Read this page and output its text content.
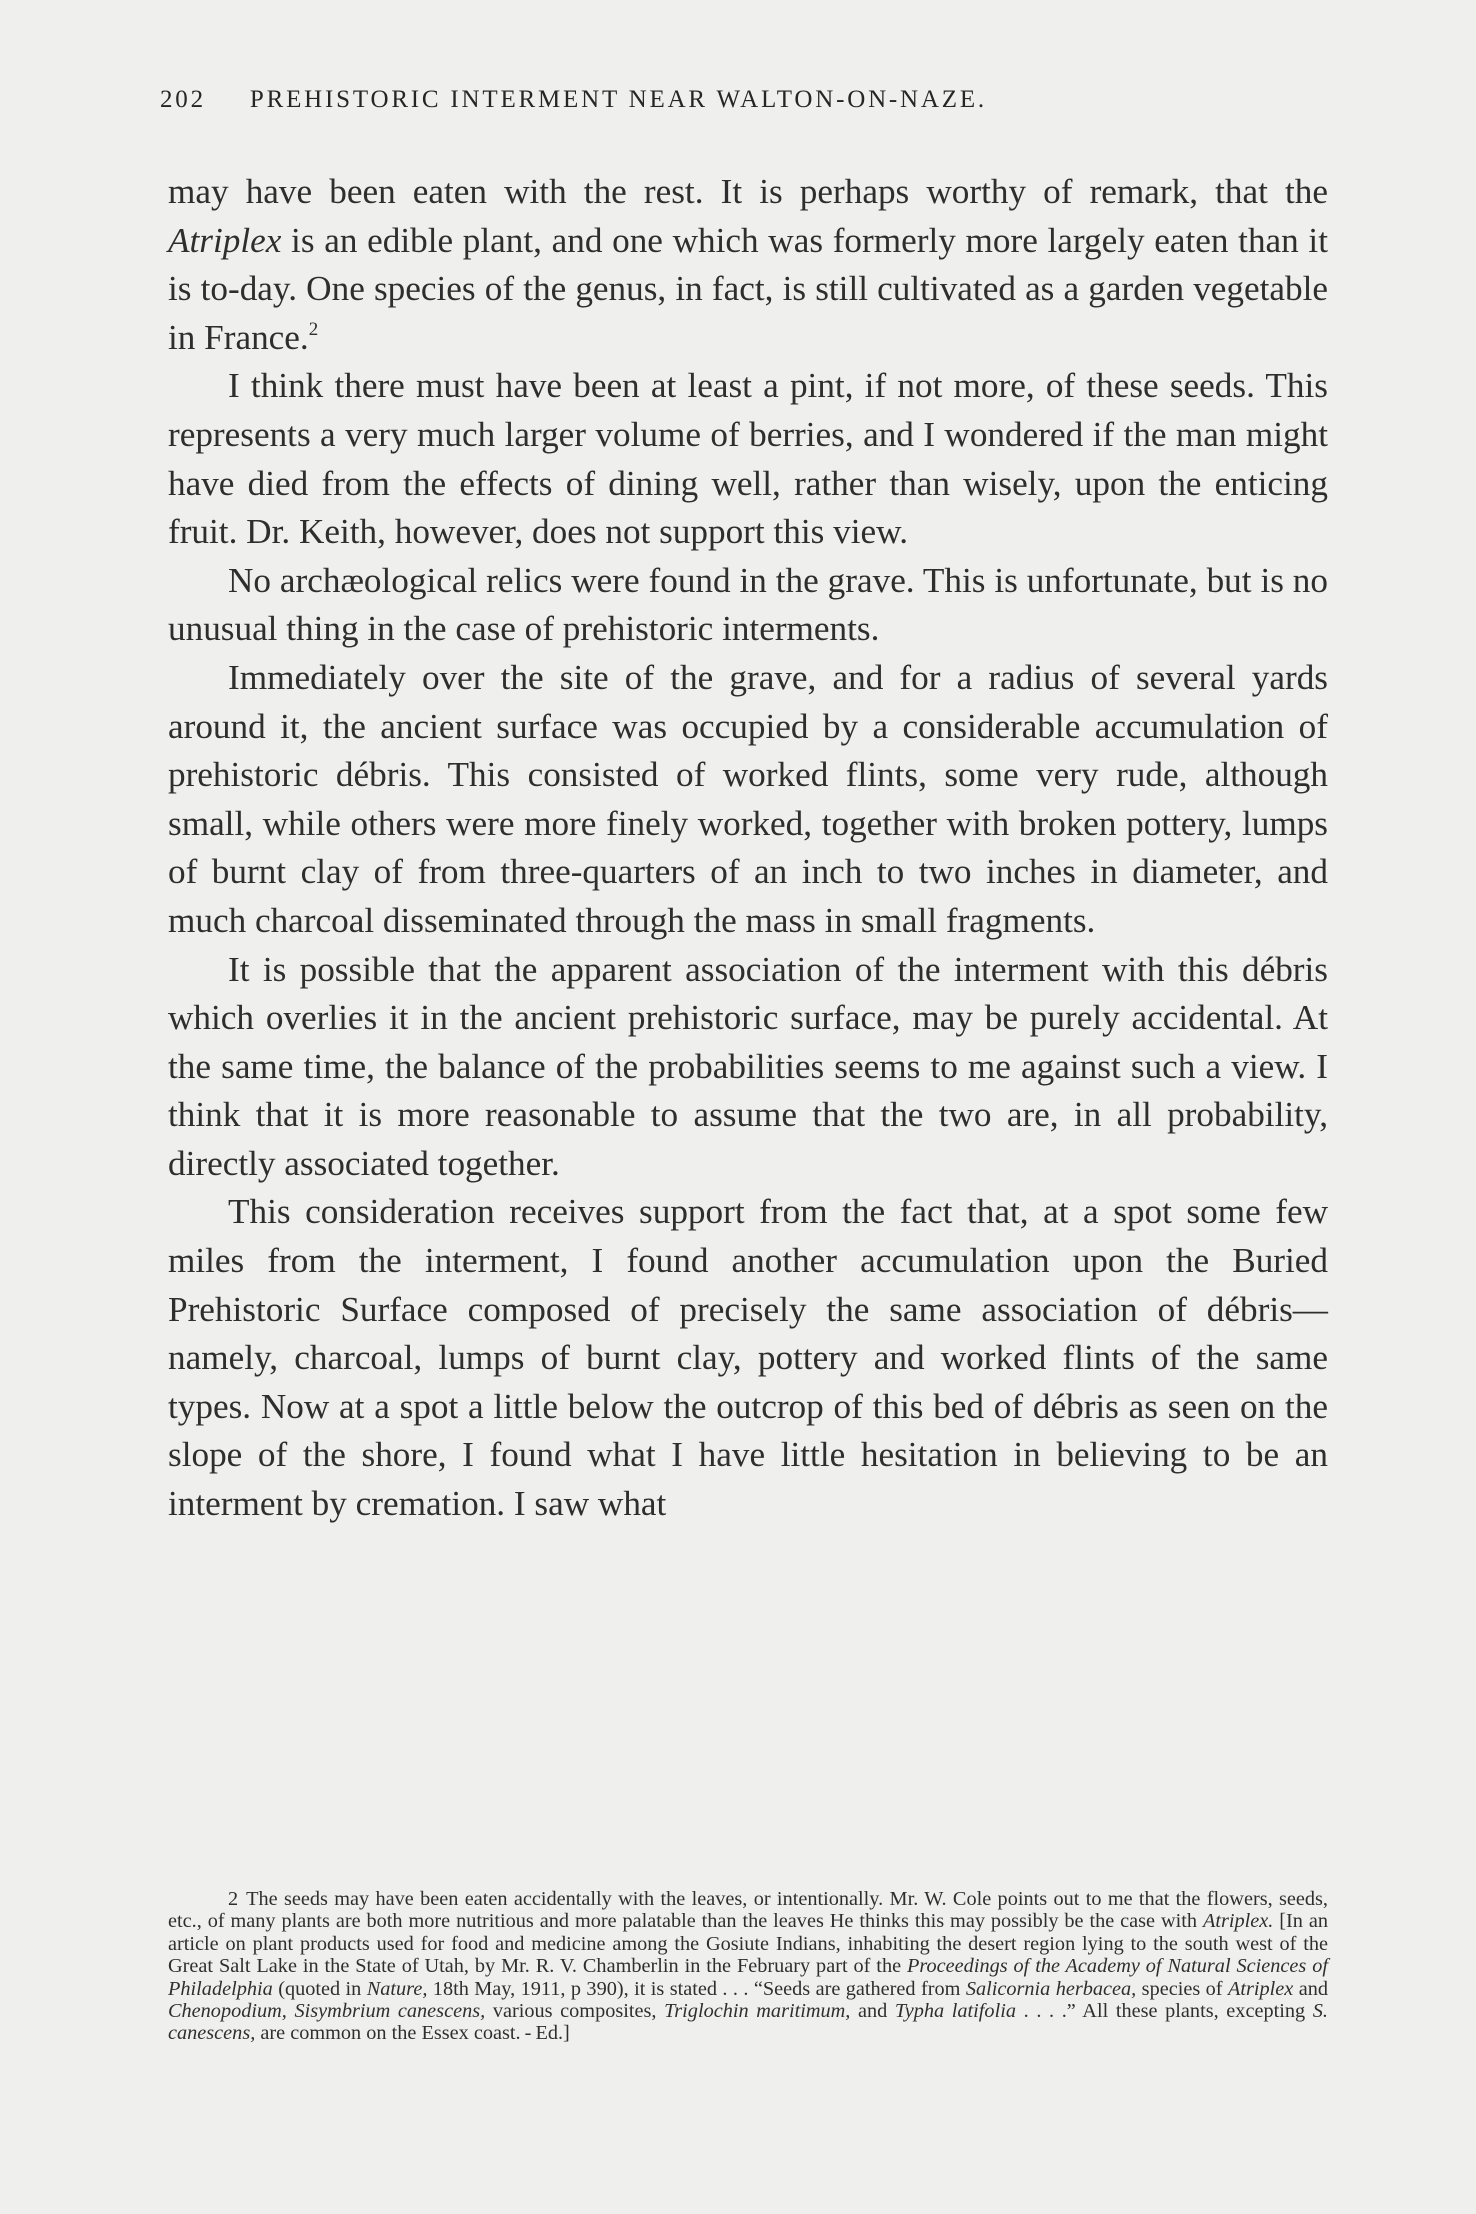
202 PREHISTORIC INTERMENT NEAR WALTON-ON-NAZE.

may have been eaten with the rest. It is perhaps worthy of remark, that the Atriplex is an edible plant, and one which was formerly more largely eaten than it is to-day. One species of the genus, in fact, is still cultivated as a garden vegetable in France.$^2$

I think there must have been at least a pint, if not more, of these seeds. This represents a very much larger volume of berries, and I wondered if the man might have died from the effects of dining well, rather than wisely, upon the enticing fruit. Dr. Keith, however, does not support this view.

No archæological relics were found in the grave. This is unfortunate, but is no unusual thing in the case of prehistoric interments.

Immediately over the site of the grave, and for a radius of several yards around it, the ancient surface was occupied by a considerable accumulation of prehistoric débris. This consisted of worked flints, some very rude, although small, while others were more finely worked, together with broken pottery, lumps of burnt clay of from three-quarters of an inch to two inches in diameter, and much charcoal disseminated through the mass in small fragments.

It is possible that the apparent association of the interment with this débris which overlies it in the ancient prehistoric surface, may be purely accidental. At the same time, the balance of the probabilities seems to me against such a view. I think that it is more reasonable to assume that the two are, in all probability, directly associated together.

This consideration receives support from the fact that, at a spot some few miles from the interment, I found another accumulation upon the Buried Prehistoric Surface composed of precisely the same association of débris—namely, charcoal, lumps of burnt clay, pottery and worked flints of the same types. Now at a spot a little below the outcrop of this bed of débris as seen on the slope of the shore, I found what I have little hesitation in believing to be an interment by cremation. I saw what

2 The seeds may have been eaten accidentally with the leaves, or intentionally. Mr. W. Cole points out to me that the flowers, seeds, etc., of many plants are both more nutritious and more palatable than the leaves He thinks this may possibly be the case with Atriplex. [In an article on plant products used for food and medicine among the Gosiute Indians, inhabiting the desert region lying to the south west of the Great Salt Lake in the State of Utah, by Mr. R. V. Chamberlin in the February part of the Proceedings of the Academy of Natural Sciences of Philadelphia (quoted in Nature, 18th May, 1911, p 390), it is stated . . . “Seeds are gathered from Salicornia herbacea, species of Atriplex and Chenopodium, Sisymbrium canescens, various composites, Triglochin maritimum, and Typha latifolia . . . .” All these plants, excepting S. canescens, are common on the Essex coast. - Ed.]
